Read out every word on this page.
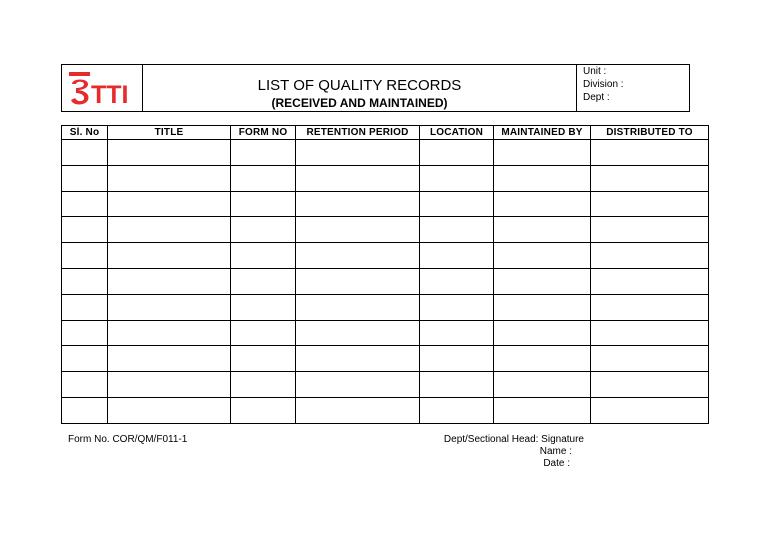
TTI	LIST OF QUALITY RECORDS
(RECEIVED AND MAINTAINED)
Unit :
Division :
Dept :
Sl. No	TITLE	FORM NO	RETENTION PERIOD	LOCATION	MAINTAINED BY	DISTRIBUTED TO

Form No. COR/QM/F011-1	Dept/Sectional Head: Signature
Name :
Date :
